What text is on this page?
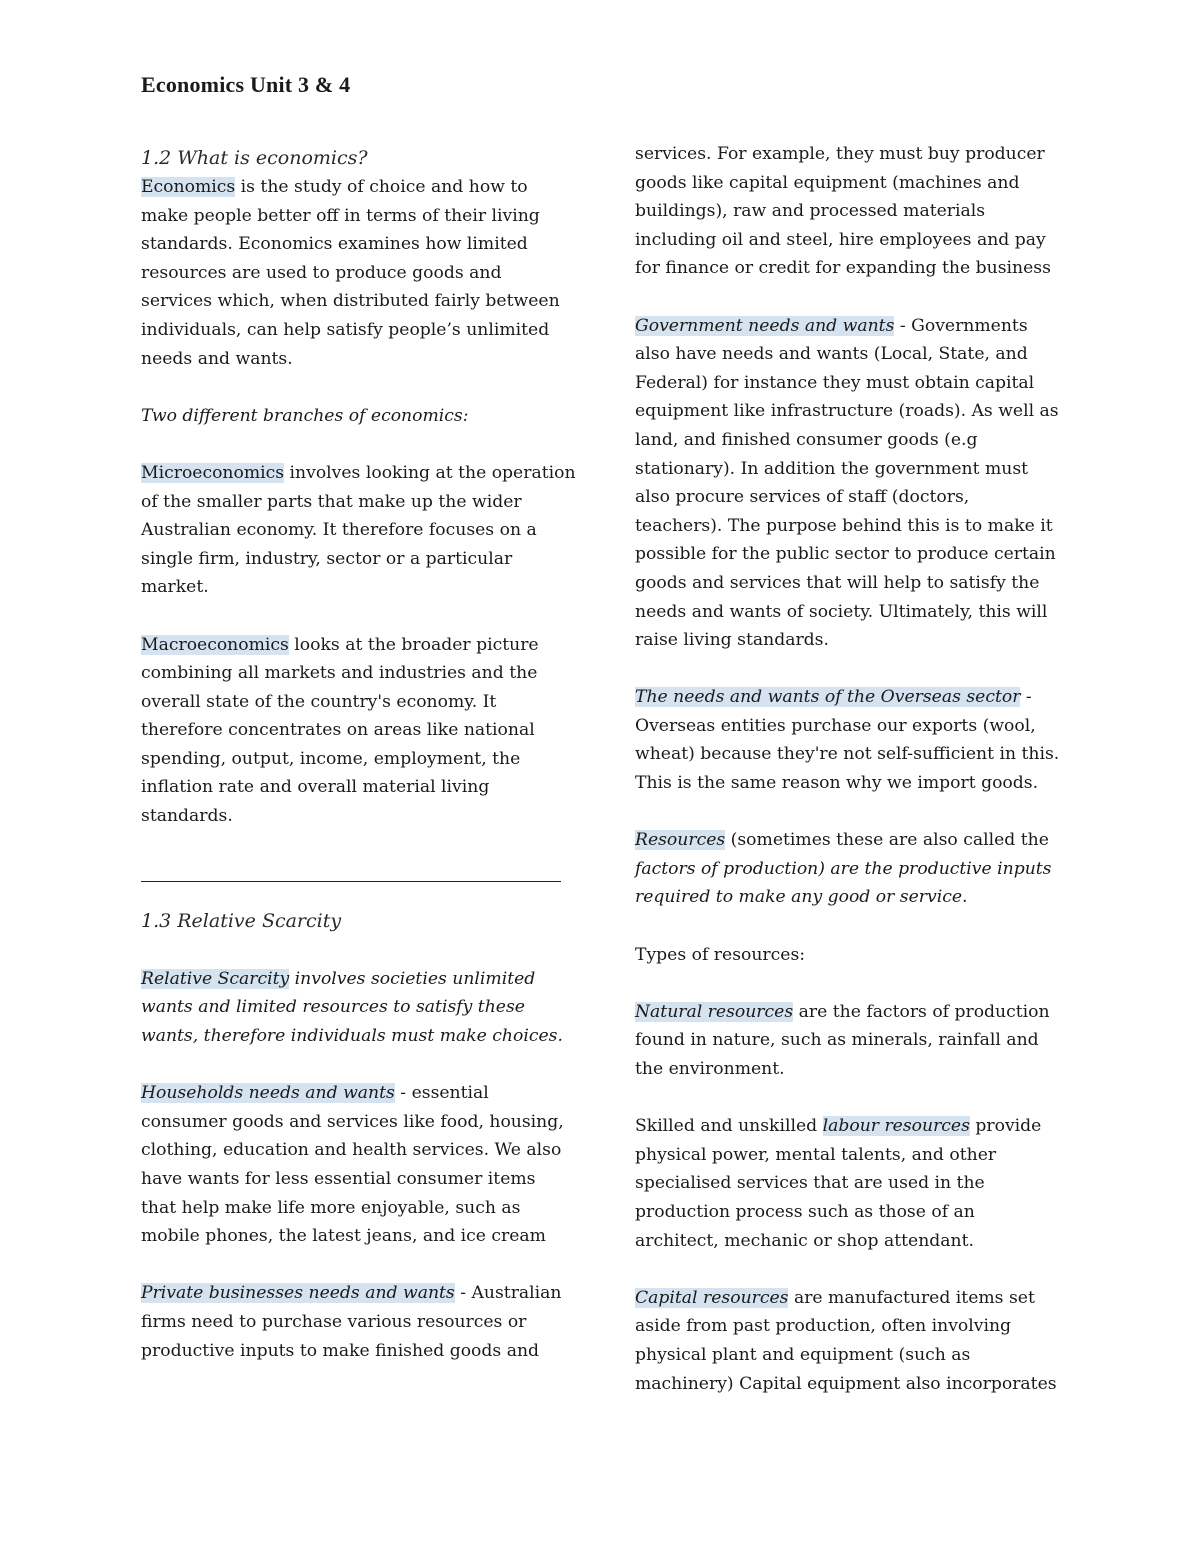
Economics Unit 3 & 4

1.2 What is economics?

Economics is the study of choice and how to make people better off in terms of their living standards. Economics examines how limited resources are used to produce goods and services which, when distributed fairly between individuals, can help satisfy people’s unlimited needs and wants.

Two different branches of economics:

Microeconomics involves looking at the operation of the smaller parts that make up the wider Australian economy. It therefore focuses on a single firm, industry, sector or a particular market.

Macroeconomics looks at the broader picture combining all markets and industries and the overall state of the country's economy. It therefore concentrates on areas like national spending, output, income, employment, the inflation rate and overall material living standards.

1.3 Relative Scarcity

Relative Scarcity involves societies unlimited wants and limited resources to satisfy these wants, therefore individuals must make choices.

Households needs and wants - essential consumer goods and services like food, housing, clothing, education and health services. We also have wants for less essential consumer items that help make life more enjoyable, such as mobile phones, the latest jeans, and ice cream

Private businesses needs and wants - Australian firms need to purchase various resources or productive inputs to make finished goods and

services. For example, they must buy producer goods like capital equipment (machines and buildings), raw and processed materials including oil and steel, hire employees and pay for finance or credit for expanding the business

Government needs and wants - Governments also have needs and wants (Local, State, and Federal) for instance they must obtain capital equipment like infrastructure (roads). As well as land, and finished consumer goods (e.g stationary). In addition the government must also procure services of staff (doctors, teachers). The purpose behind this is to make it possible for the public sector to produce certain goods and services that will help to satisfy the needs and wants of society. Ultimately, this will raise living standards.

The needs and wants of the Overseas sector - Overseas entities purchase our exports (wool, wheat) because they're not self-sufficient in this. This is the same reason why we import goods.

Resources (sometimes these are also called the factors of production) are the productive inputs required to make any good or service.

Types of resources:

Natural resources are the factors of production found in nature, such as minerals, rainfall and the environment.

Skilled and unskilled labour resources provide physical power, mental talents, and other specialised services that are used in the production process such as those of an architect, mechanic or shop attendant.

Capital resources are manufactured items set aside from past production, often involving physical plant and equipment (such as machinery) Capital equipment also incorporates
